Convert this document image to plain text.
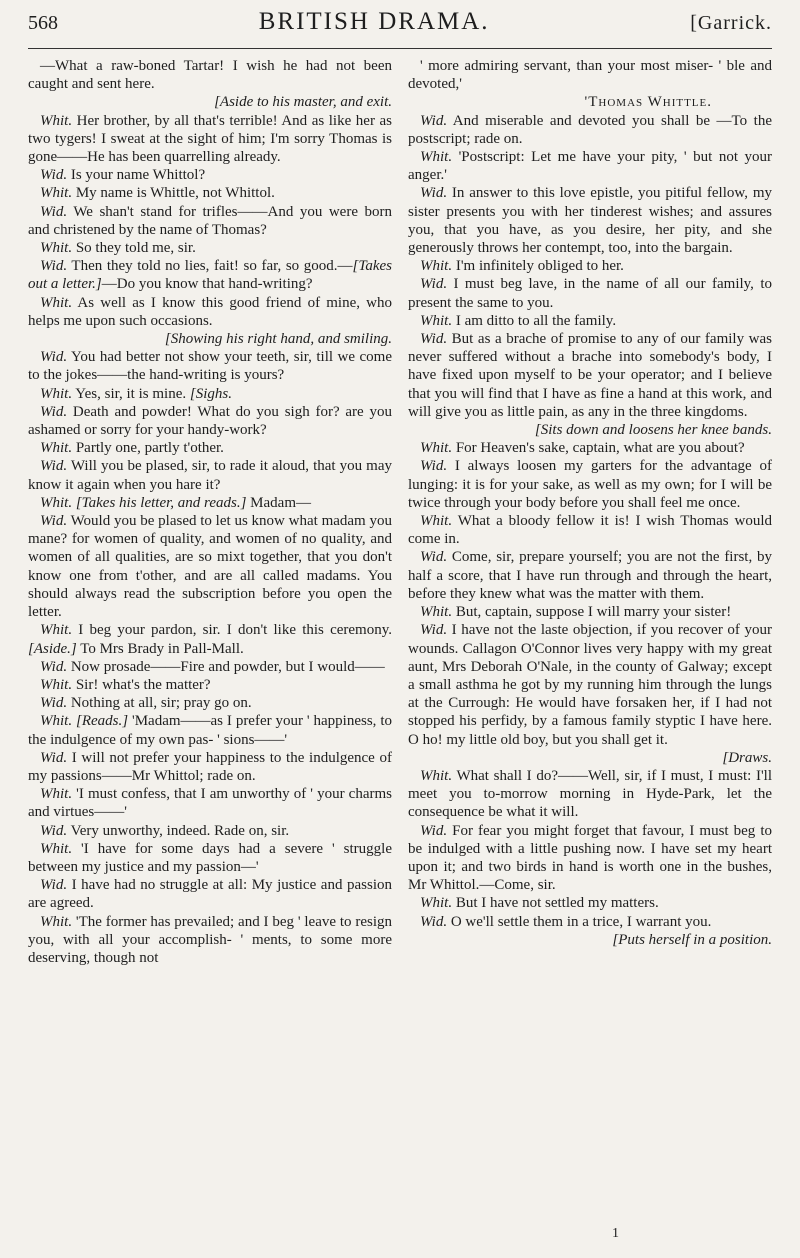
568	BRITISH DRAMA.	[Garrick.

—What a raw-boned Tartar! I wish he had not been caught and sent here.

[Aside to his master, and exit.

Whit. Her brother, by all that's terrible! And as like her as two tygers! I sweat at the sight of him; I'm sorry Thomas is gone——He has been quarrelling already.

Wid. Is your name Whittol?

Whit. My name is Whittle, not Whittol.

Wid. We shan't stand for trifles——And you were born and christened by the name of Thomas?

Whit. So they told me, sir.

Wid. Then they told no lies, fait! so far, so good.—[Takes out a letter.]—Do you know that hand-writing?

Whit. As well as I know this good friend of mine, who helps me upon such occasions.

[Showing his right hand, and smiling.

Wid. You had better not show your teeth, sir, till we come to the jokes——the hand-writing is yours?

Whit. Yes, sir, it is mine. [Sighs.

Wid. Death and powder! What do you sigh for? are you ashamed or sorry for your handy-work?

Whit. Partly one, partly t'other.

Wid. Will you be plased, sir, to rade it aloud, that you may know it again when you hare it?

Whit. [Takes his letter, and reads.] Madam—

Wid. Would you be plased to let us know what madam you mane? for women of quality, and women of no quality, and women of all qualities, are so mixt together, that you don't know one from t'other, and are all called madams. You should always read the subscription before you open the letter.

Whit. I beg your pardon, sir. I don't like this ceremony. [Aside.] To Mrs Brady in Pall-Mall.

Wid. Now prosade——Fire and powder, but I would——

Whit. Sir! what's the matter?

Wid. Nothing at all, sir; pray go on.

Whit. [Reads.] 'Madam——as I prefer your ' happiness, to the indulgence of my own pas- ' sions——'

Wid. I will not prefer your happiness to the indulgence of my passions——Mr Whittol; rade on.

Whit. 'I must confess, that I am unworthy of ' your charms and virtues——'

Wid. Very unworthy, indeed. Rade on, sir.

Whit. 'I have for some days had a severe ' struggle between my justice and my passion—'

Wid. I have had no struggle at all: My justice and passion are agreed.

Whit. 'The former has prevailed; and I beg ' leave to resign you, with all your accomplish- ' ments, to some more deserving, though not

' more admiring servant, than your most miser- ' ble and devoted,'

'Thomas Whittle.

Wid. And miserable and devoted you shall be —To the postscript; rade on.

Whit. 'Postscript: Let me have your pity, ' but not your anger.'

Wid. In answer to this love epistle, you pitiful fellow, my sister presents you with her tinderest wishes; and assures you, that you have, as you desire, her pity, and she generously throws her contempt, too, into the bargain.

Whit. I'm infinitely obliged to her.

Wid. I must beg lave, in the name of all our family, to present the same to you.

Whit. I am ditto to all the family.

Wid. But as a brache of promise to any of our family was never suffered without a brache into somebody's body, I have fixed upon myself to be your operator; and I believe that you will find that I have as fine a hand at this work, and will give you as little pain, as any in the three kingdoms.

[Sits down and loosens her knee bands.

Whit. For Heaven's sake, captain, what are you about?

Wid. I always loosen my garters for the advantage of lunging: it is for your sake, as well as my own; for I will be twice through your body before you shall feel me once.

Whit. What a bloody fellow it is! I wish Thomas would come in.

Wid. Come, sir, prepare yourself; you are not the first, by half a score, that I have run through and through the heart, before they knew what was the matter with them.

Whit. But, captain, suppose I will marry your sister!

Wid. I have not the laste objection, if you recover of your wounds. Callagon O'Connor lives very happy with my great aunt, Mrs Deborah O'Nale, in the county of Galway; except a small asthma he got by my running him through the lungs at the Currough: He would have forsaken her, if I had not stopped his perfidy, by a famous family styptic I have here. O ho! my little old boy, but you shall get it.

[Draws.

Whit. What shall I do?——Well, sir, if I must, I must: I'll meet you to-morrow morning in Hyde-Park, let the consequence be what it will.

Wid. For fear you might forget that favour, I must beg to be indulged with a little pushing now. I have set my heart upon it; and two birds in hand is worth one in the bushes, Mr Whittol.—Come, sir.

Whit. But I have not settled my matters.

Wid. O we'll settle them in a trice, I warrant you.

[Puts herself in a position.

1
